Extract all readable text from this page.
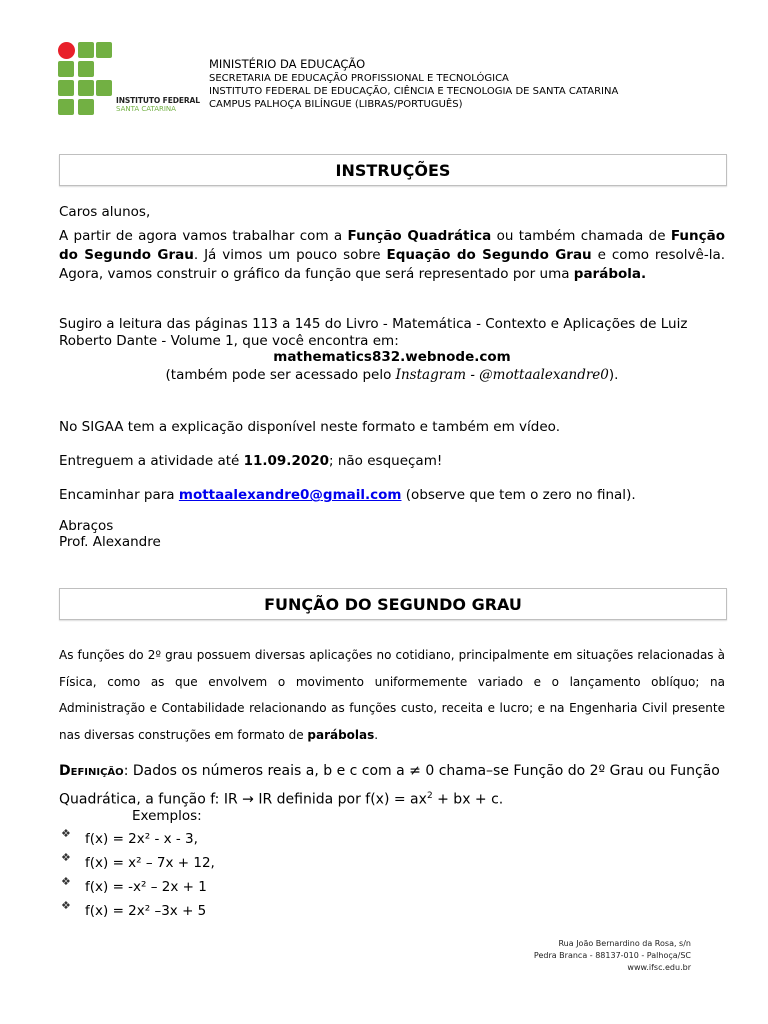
INSTITUTO FEDERAL
SANTA CATARINA
MINISTÉRIO DA EDUCAÇÃO
SECRETARIA DE EDUCAÇÃO PROFISSIONAL E TECNOLÓGICA
INSTITUTO FEDERAL DE EDUCAÇÃO, CIÊNCIA E TECNOLOGIA DE SANTA CATARINA
CAMPUS PALHOÇA BILÍNGUE (LIBRAS/PORTUGUÊS)
INSTRUÇÕES
Caros alunos,
A partir de agora vamos trabalhar com a Função Quadrática ou também chamada de Função do Segundo Grau. Já vimos um pouco sobre Equação do Segundo Grau e como resolvê-la. Agora, vamos construir o gráfico da função que será representado por uma parábola.
Sugiro a leitura das páginas 113 a 145 do Livro - Matemática - Contexto e Aplicações de Luiz Roberto Dante - Volume 1, que você encontra em:
mathematics832.webnode.com
(também pode ser acessado pelo Instagram - @mottaalexandre0).
No SIGAA tem a explicação disponível neste formato e também em vídeo.
Entreguem a atividade até 11.09.2020; não esqueçam!
Encaminhar para mottaalexandre0@gmail.com (observe que tem o zero no final).
Abraços
Prof. Alexandre
FUNÇÃO DO SEGUNDO GRAU
As funções do 2º grau possuem diversas aplicações no cotidiano, principalmente em situações relacionadas à Física, como as que envolvem o movimento uniformemente variado e o lançamento oblíquo; na Administração e Contabilidade relacionando as funções custo, receita e lucro; e na Engenharia Civil presente nas diversas construções em formato de parábolas.
Definição: Dados os números reais a, b e c com a ≠ 0 chama–se Função do 2º Grau ou Função Quadrática, a função f: IR → IR definida por $f(x) = ax^2$ + bx + c.
Exemplos:
❖ f(x) = 2x² - x - 3,
❖ f(x) = x² – 7x + 12,
❖ f(x) = -x² – 2x + 1
❖ f(x) = 2x² –3x + 5
Rua João Bernardino da Rosa, s/n
Pedra Branca - 88137-010 - Palhoça/SC
www.ifsc.edu.br
